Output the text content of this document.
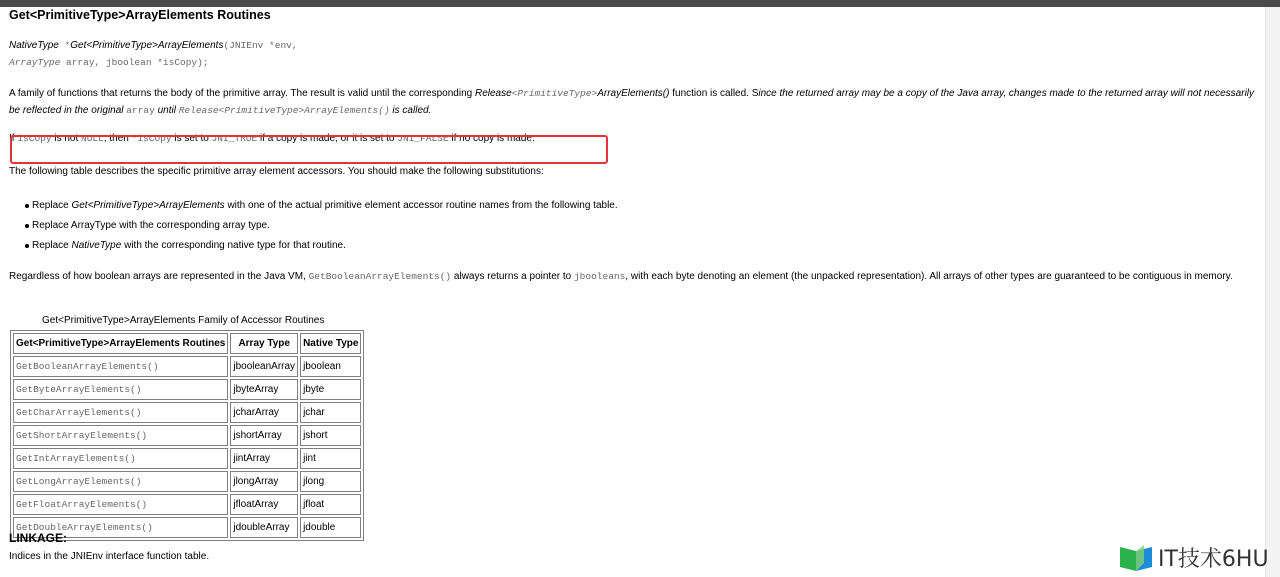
Get<PrimitiveType>ArrayElements Routines
NativeType *Get<PrimitiveType>ArrayElements(JNIEnv *env,
ArrayType array, jboolean *isCopy);
A family of functions that returns the body of the primitive array. The result is valid until the corresponding Release<PrimitiveType>ArrayElements() function is called. Since the returned array may be a copy of the Java array, changes made to the returned array will not necessarily be reflected in the original array until Release<PrimitiveType>ArrayElements() is called.
If isCopy is not NULL, then *isCopy is set to JNI_TRUE if a copy is made; or it is set to JNI_FALSE if no copy is made.
The following table describes the specific primitive array element accessors. You should make the following substitutions:
Replace Get<PrimitiveType>ArrayElements with one of the actual primitive element accessor routine names from the following table.
Replace ArrayType with the corresponding array type.
Replace NativeType with the corresponding native type for that routine.
Regardless of how boolean arrays are represented in the Java VM, GetBooleanArrayElements() always returns a pointer to jbooleans, with each byte denoting an element (the unpacked representation). All arrays of other types are guaranteed to be contiguous in memory.
Get<PrimitiveType>ArrayElements Family of Accessor Routines
Get<PrimitiveType>ArrayElements Routines	Array Type	Native Type
GetBooleanArrayElements()	jbooleanArray	jboolean
GetByteArrayElements()	jbyteArray	jbyte
GetCharArrayElements()	jcharArray	jchar
GetShortArrayElements()	jshortArray	jshort
GetIntArrayElements()	jintArray	jint
GetLongArrayElements()	jlongArray	jlong
GetFloatArrayElements()	jfloatArray	jfloat
GetDoubleArrayElements()	jdoubleArray	jdouble
LINKAGE:
Indices in the JNIEnv interface function table.	IT技术6HU
